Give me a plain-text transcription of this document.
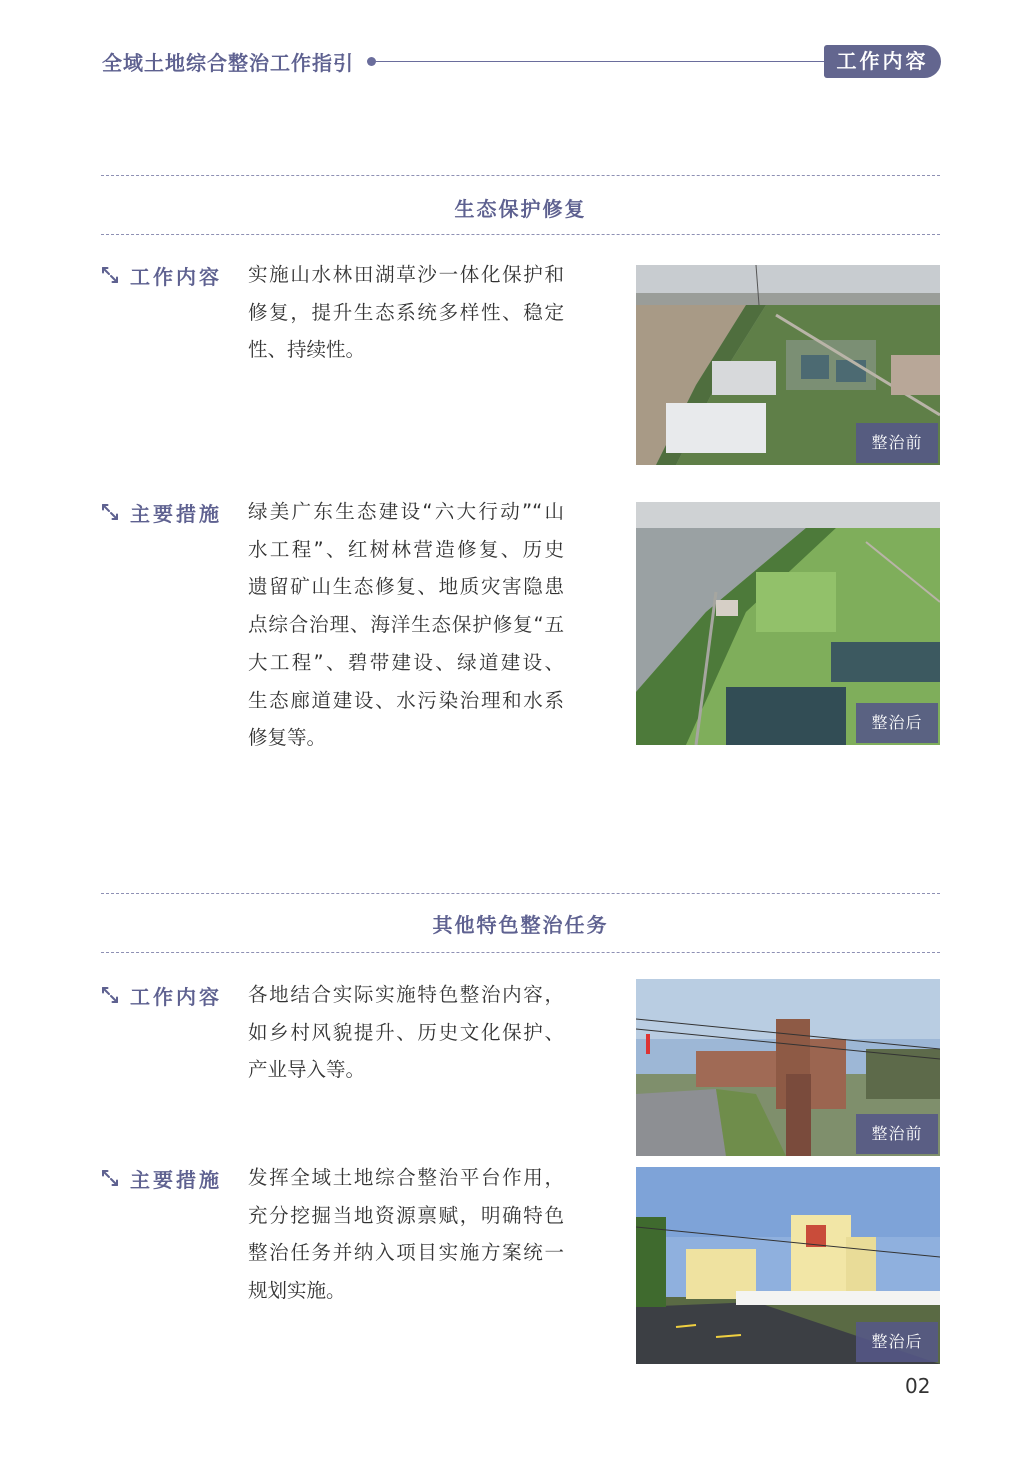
全域土地综合整治工作指引	工作内容
生态保护修复
工作内容 实施山水林田湖草沙一体化保护和
修复，提升生态系统多样性、稳定
性、持续性。
整治前
主要措施 绿美广东生态建设“六大行动”“山
水工程”、红树林营造修复、历史
遗留矿山生态修复、地质灾害隐患
点综合治理、海洋生态保护修复“五
大工程”、碧带建设、绿道建设、
生态廊道建设、水污染治理和水系
修复等。
整治后
其他特色整治任务
工作内容 各地结合实际实施特色整治内容，
如乡村风貌提升、历史文化保护、
产业导入等。
整治前
主要措施 发挥全域土地综合整治平台作用，
充分挖掘当地资源禀赋，明确特色
整治任务并纳入项目实施方案统一
规划实施。
整治后
02
